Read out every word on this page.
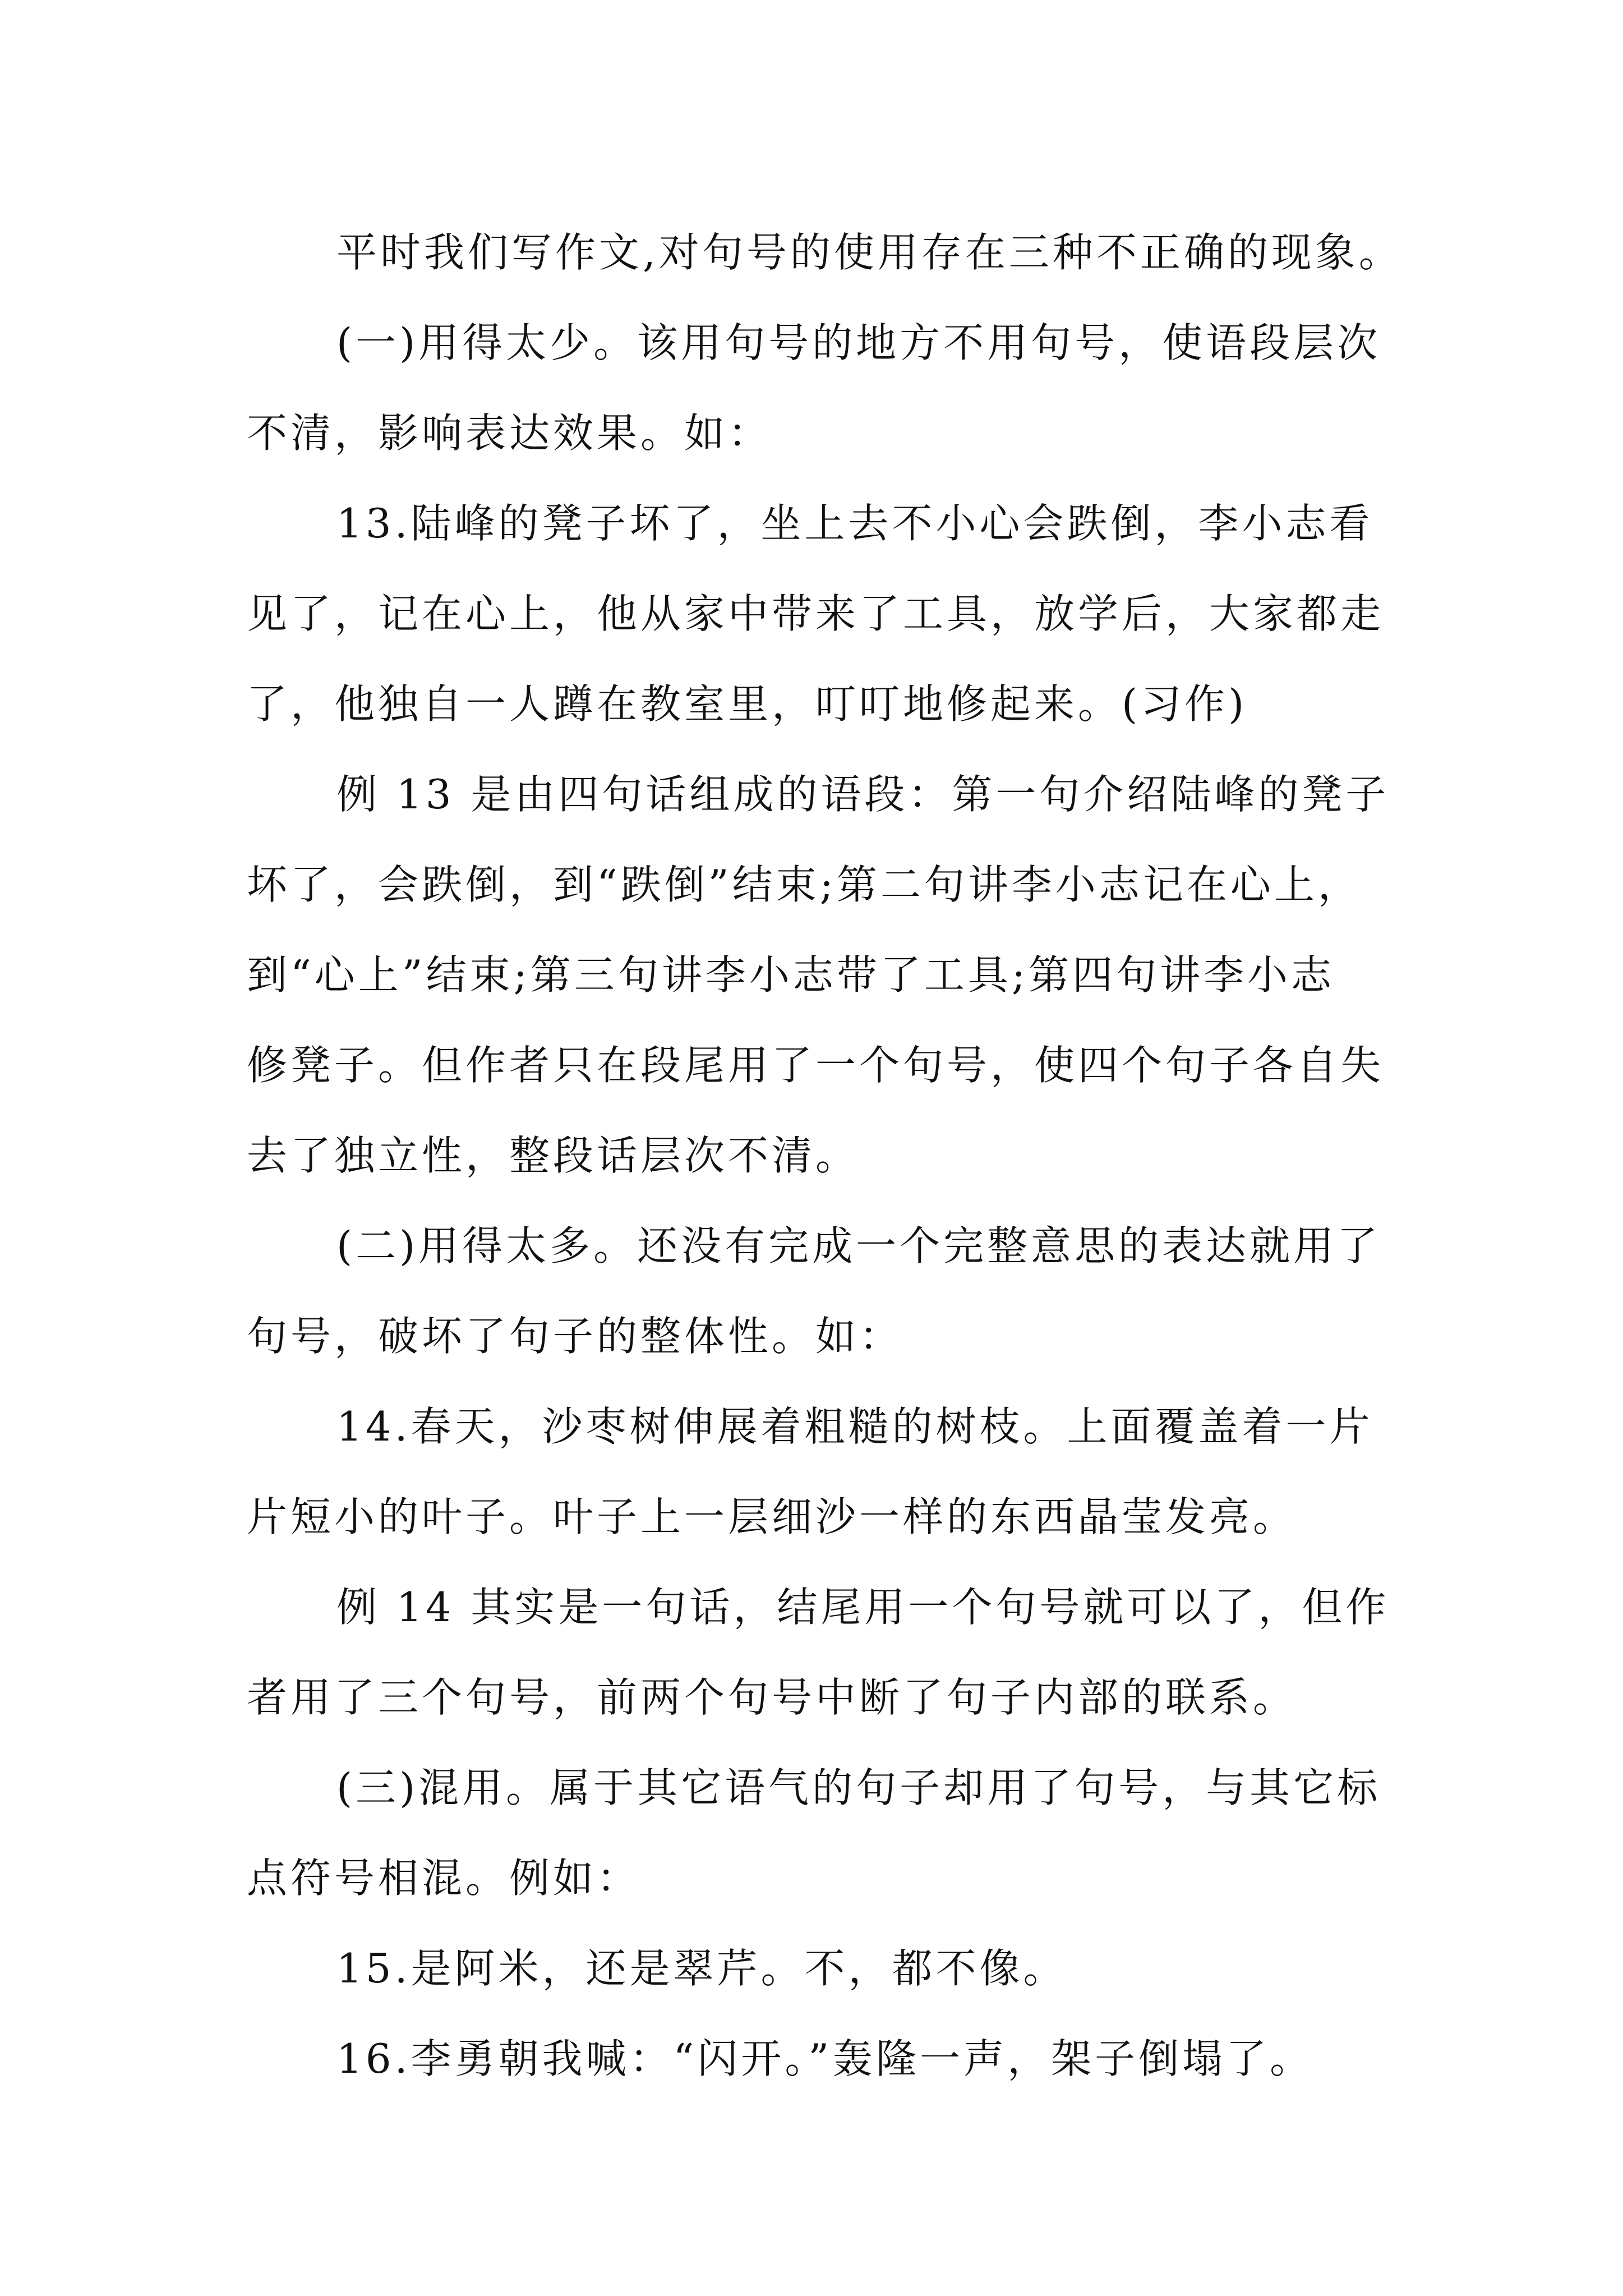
平时我们写作文,对句号的使用存在三种不正确的现象。
(一)用得太少。该用句号的地方不用句号，使语段层次
不清，影响表达效果。如：
13.陆峰的凳子坏了，坐上去不小心会跌倒，李小志看
见了，记在心上，他从家中带来了工具，放学后，大家都走
了，他独自一人蹲在教室里，叮叮地修起来。(习作)
例 13 是由四句话组成的语段：第一句介绍陆峰的凳子
坏了，会跌倒，到“跌倒”结束;第二句讲李小志记在心上，
到“心上”结束;第三句讲李小志带了工具;第四句讲李小志
修凳子。但作者只在段尾用了一个句号，使四个句子各自失
去了独立性，整段话层次不清。
(二)用得太多。还没有完成一个完整意思的表达就用了
句号，破坏了句子的整体性。如：
14.春天，沙枣树伸展着粗糙的树枝。上面覆盖着一片
片短小的叶子。叶子上一层细沙一样的东西晶莹发亮。
例 14 其实是一句话，结尾用一个句号就可以了，但作
者用了三个句号，前两个句号中断了句子内部的联系。
(三)混用。属于其它语气的句子却用了句号，与其它标
点符号相混。例如：
15.是阿米，还是翠芹。不，都不像。
16.李勇朝我喊：“闪开。”轰隆一声，架子倒塌了。
